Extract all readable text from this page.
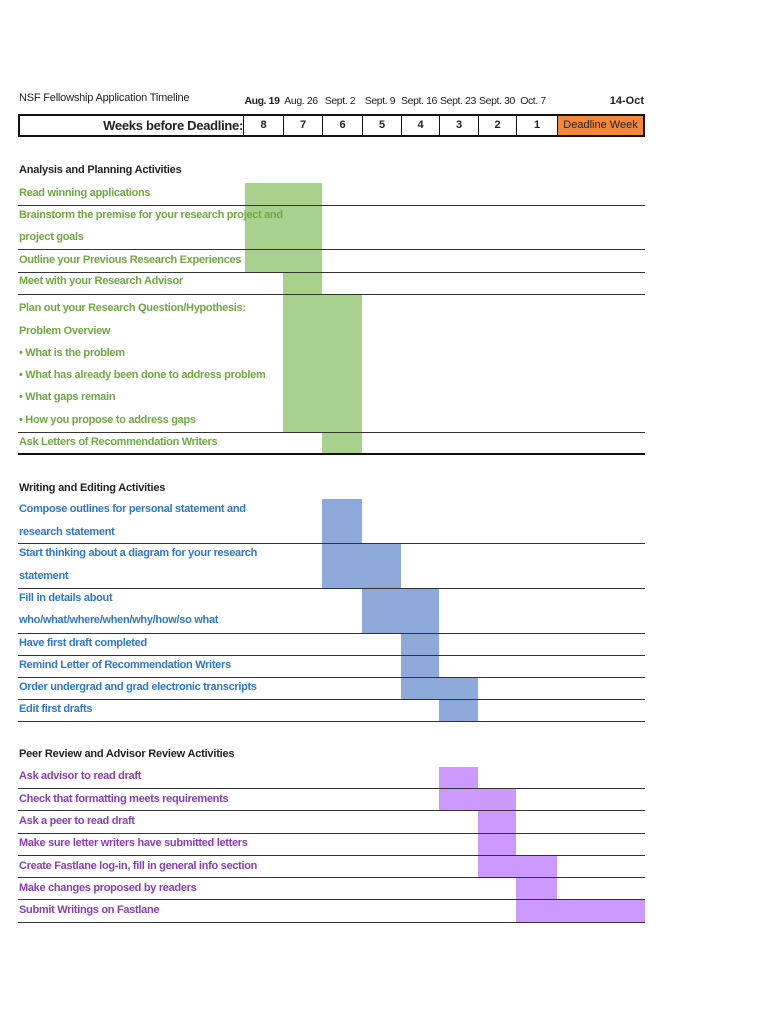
NSF Fellowship Application Timeline	Aug. 19 Aug. 26 Sept. 2 Sept. 9 Sept. 16 Sept. 23 Sept. 30 Oct. 7	14-Oct
Weeks before Deadline:	8	7	6	5	4	3	2	1	Deadline Week
Analysis and Planning Activities
Read winning applications
Brainstorm the premise for your research project and
project goals
Outline your Previous Research Experiences
Meet with your Research Advisor
Plan out your Research Question/Hypothesis:
Problem Overview
• What is the problem
• What has already been done to address problem
• What gaps remain
• How you propose to address gaps
Ask Letters of Recommendation Writers
Writing and Editing Activities
Compose outlines for personal statement and
research statement
Start thinking about a diagram for your research
statement
Fill in details about
who/what/where/when/why/how/so what
Have first draft completed
Remind Letter of Recommendation Writers
Order undergrad and grad electronic transcripts
Edit first drafts
Peer Review and Advisor Review Activities
Ask advisor to read draft
Check that formatting meets requirements
Ask a peer to read draft
Make sure letter writers have submitted letters
Create Fastlane log-in, fill in general info section
Make changes proposed by readers
Submit Writings on Fastlane
